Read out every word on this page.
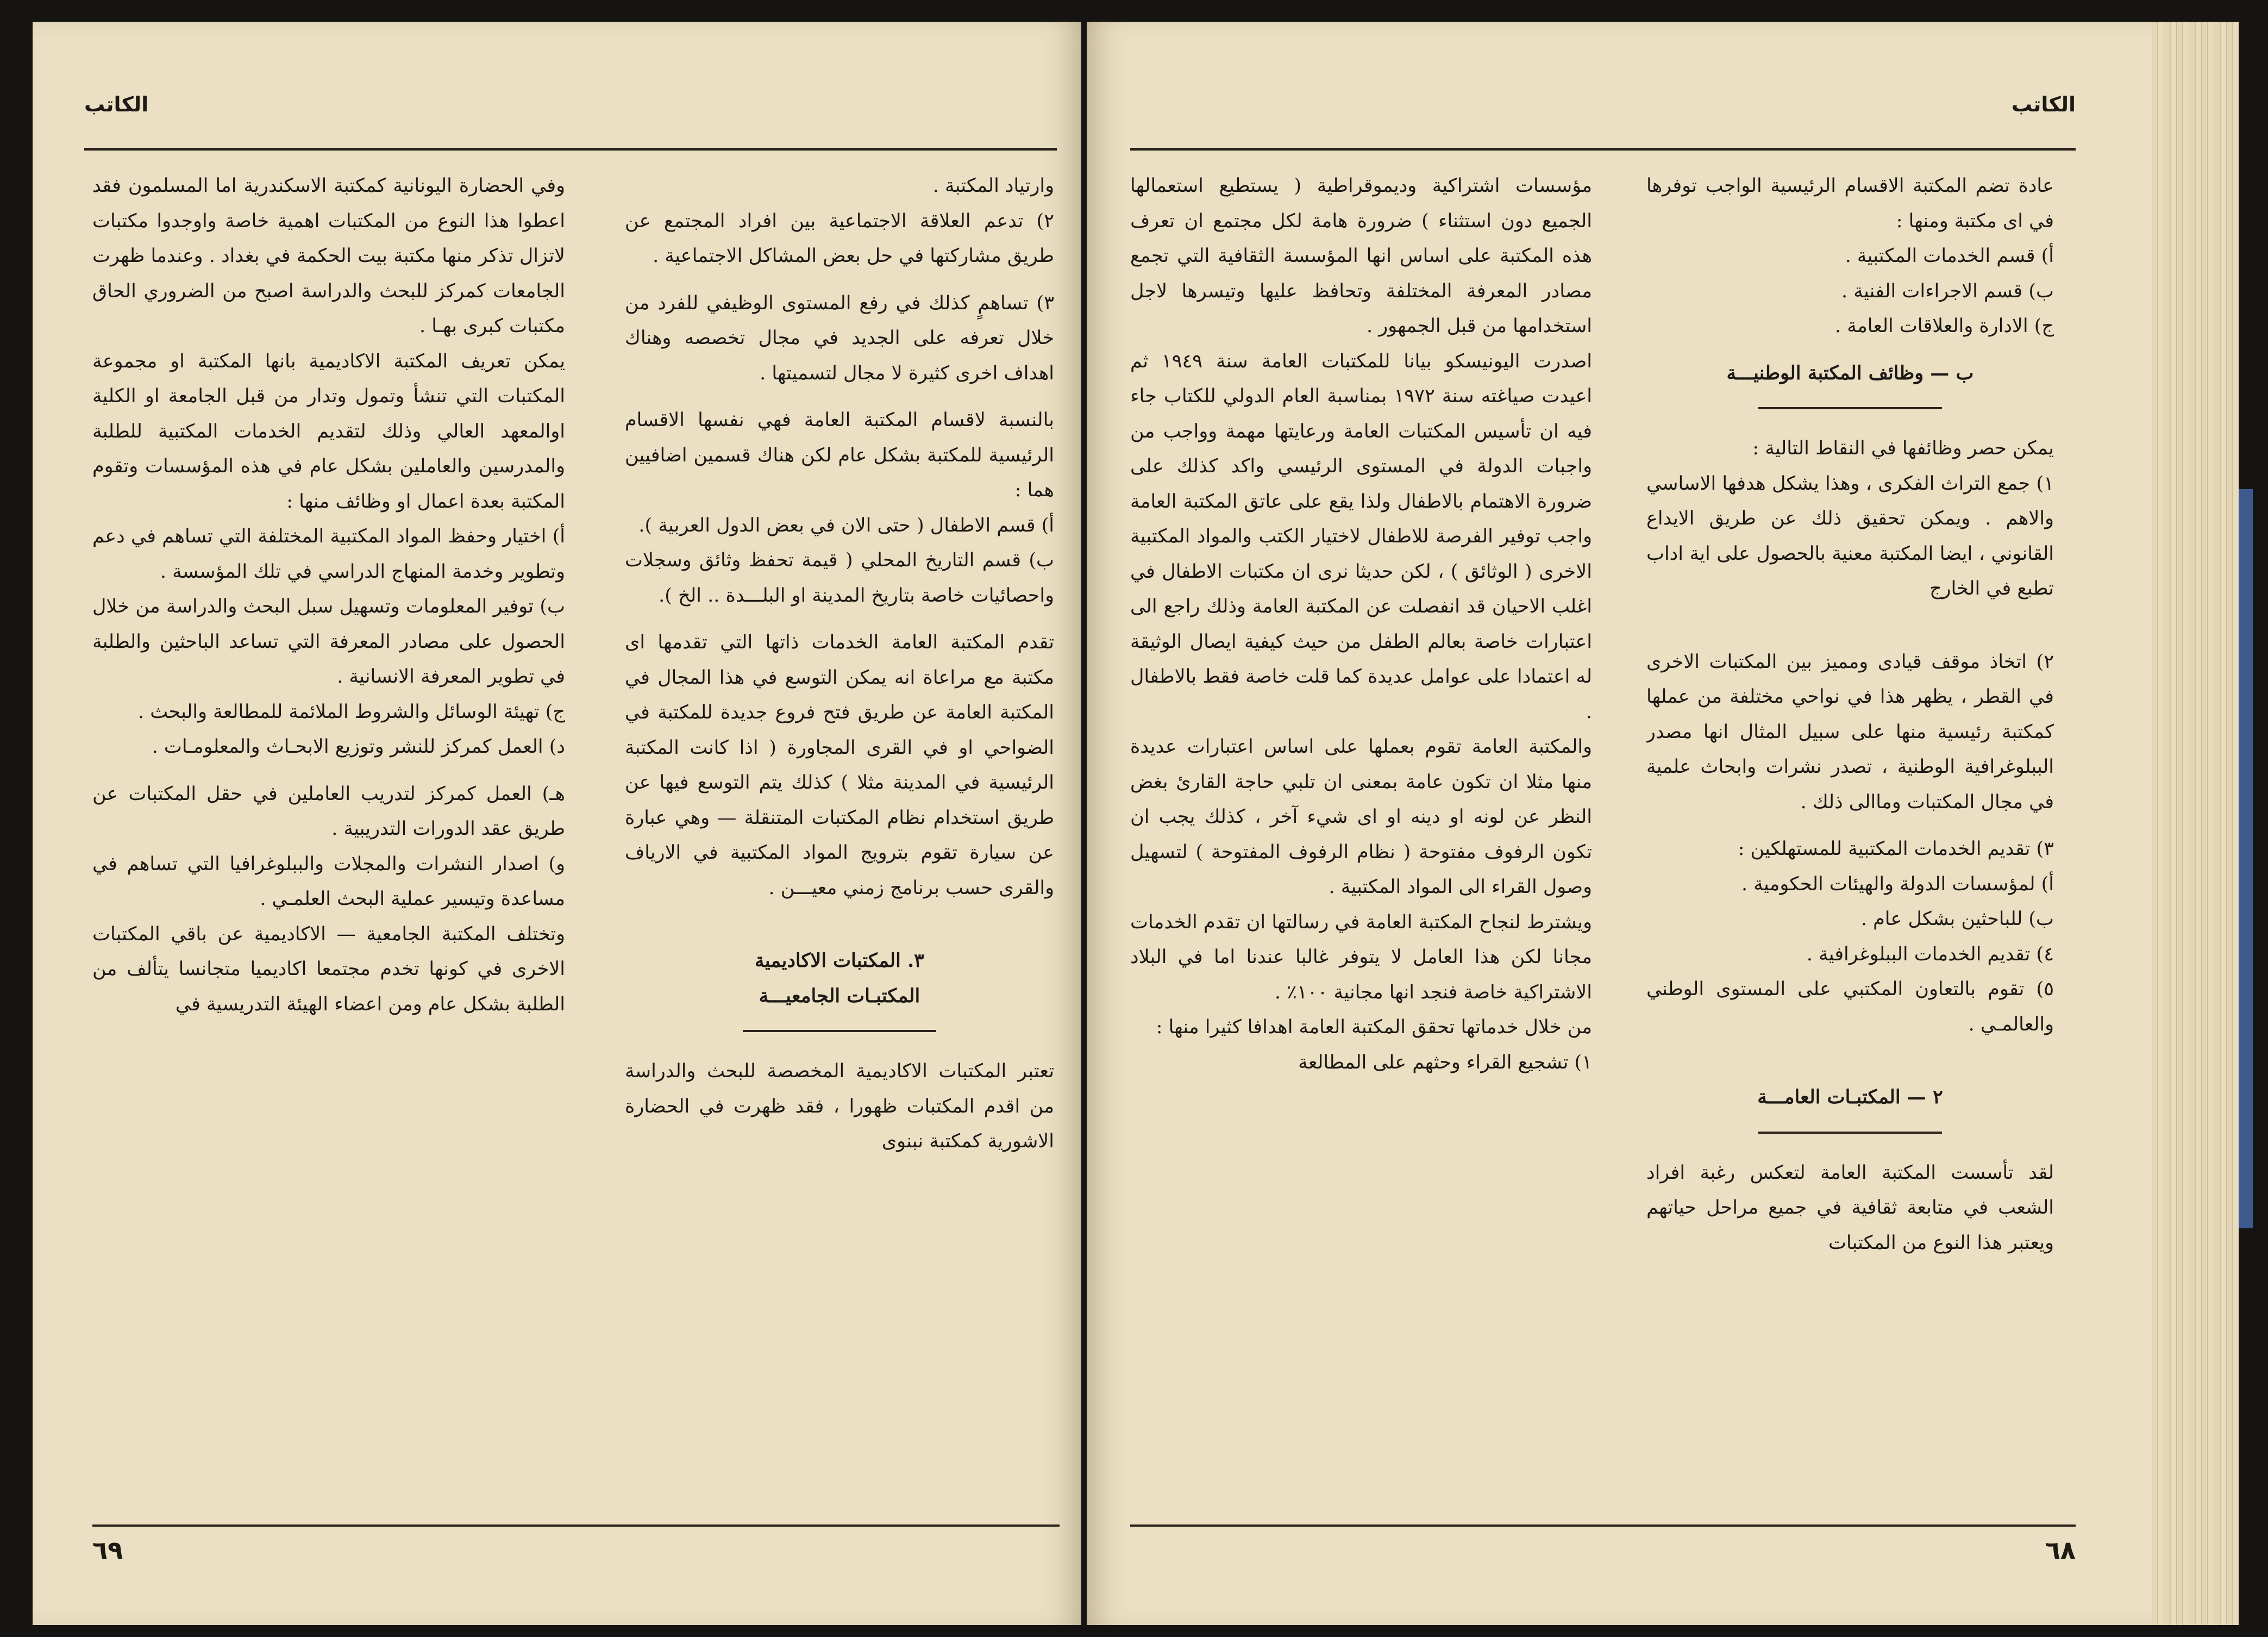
الكاتب

وارتياد المكتبة .

٢) تدعم العلاقة الاجتماعية بين افراد المجتمع عن طريق مشاركتها في حل بعض المشاكل الاجتماعية .

٣) تساهمٍ كذلك في رفع المستوى الوظيفي للفرد من خلال تعرفه على الجديد في مجال تخصصه وهناك اهداف اخرى كثيرة لا مجال لتسميتها .

بالنسبة لاقسام المكتبة العامة فهي نفسها الاقسام الرئيسية للمكتبة بشكل عام لكن هناك قسمين اضافيين هما :

أ) قسم الاطفال ( حتى الان في بعض الدول العربية ).

ب) قسم التاريخ المحلي ( قيمة تحفظ وثائق وسجلات واحصائيات خاصة بتاريخ المدينة او البلـــدة .. الخ ).

تقدم المكتبة العامة الخدمات ذاتها التي تقدمها اى مكتبة مع مراعاة انه يمكن التوسع في هذا المجال في المكتبة العامة عن طريق فتح فروع جديدة للمكتبة في الضواحي او في القرى المجاورة ( اذا كانت المكتبة الرئيسية في المدينة مثلا ) كذلك يتم التوسع فيها عن طريق استخدام نظام المكتبات المتنقلة — وهي عبارة عن سيارة تقوم بترويج المواد المكتبية في الارياف والقرى حسب برنامج زمني معيـــن .

٣. المكتبات الاكاديمية

المكتبـات الجامعيـــة

تعتبر المكتبات الاكاديمية المخصصة للبحث والدراسة من اقدم المكتبات ظهورا ، فقد ظهرت في الحضارة الاشورية كمكتبة نبنوى

وفي الحضارة اليونانية كمكتبة الاسكندرية اما المسلمون فقد اعطوا هذا النوع من المكتبات اهمية خاصة واوجدوا مكتبات لاتزال تذكر منها مكتبة بيت الحكمة في بغداد . وعندما ظهرت الجامعات كمركز للبحث والدراسة اصبح من الضروري الحاق مكتبات كبرى بهـا .

يمكن تعريف المكتبة الاكاديمية بانها المكتبة او مجموعة المكتبات التي تنشأ وتمول وتدار من قبل الجامعة او الكلية اوالمعهد العالي وذلك لتقديم الخدمات المكتبية للطلبة والمدرسين والعاملين بشكل عام في هذه المؤسسات وتقوم المكتبة بعدة اعمال او وظائف منها :

أ) اختيار وحفظ المواد المكتبية المختلفة التي تساهم في دعم وتطوير وخدمة المنهاج الدراسي في تلك المؤسسة .

ب) توفير المعلومات وتسهيل سبل البحث والدراسة من خلال الحصول على مصادر المعرفة التي تساعد الباحثين والطلبة في تطوير المعرفة الانسانية .

ج) تهيئة الوسائل والشروط الملائمة للمطالعة والبحث .

د) العمل كمركز للنشر وتوزيع الابحـاث والمعلومـات .

هـ) العمل كمركز لتدريب العاملين في حقل المكتبات عن طريق عقد الدورات التدريبية .

و) اصدار النشرات والمجلات والببلوغرافيا التي تساهم في مساعدة وتيسير عملية البحث العلمـي .

وتختلف المكتبة الجامعية — الاكاديمية عن باقي المكتبات الاخرى في كونها تخدم مجتمعا اكاديميا متجانسا يتألف من الطلبة بشكل عام ومن اعضاء الهيئة التدريسية في

٦٩
الكاتب

عادة تضم المكتبة الاقسام الرئيسية الواجب توفرها في اى مكتبة ومنها :

أ) قسم الخدمات المكتبية .

ب) قسم الاجراءات الفنية .

ج) الادارة والعلاقات العامة .

ب — وظائف المكتبة الوطنيـــة

يمكن حصر وظائفها في النقاط التالية :

١) جمع التراث الفكرى ، وهذا يشكل هدفها الاساسي والاهم . ويمكن تحقيق ذلك عن طريق الايداع القانوني ، ايضا المكتبة معنية بالحصول على اية اداب تطبع في الخارج

٢) اتخاذ موقف قيادى ومميز بين المكتبات الاخرى في القطر ، يظهر هذا في نواحي مختلفة من عملها كمكتبة رئيسية منها على سبيل المثال انها مصدر الببلوغرافية الوطنية ، تصدر نشرات وابحاث علمية في مجال المكتبات وماالى ذلك .

٣) تقديم الخدمات المكتبية للمستهلكين :

أ) لمؤسسات الدولة والهيئات الحكومية .

ب) للباحثين بشكل عام .

٤) تقديم الخدمات الببلوغرافية .

٥) تقوم بالتعاون المكتبي على المستوى الوطني والعالمـي .

٢ — المكتبـات العامـــة

لقد تأسست المكتبة العامة لتعكس رغبة افراد الشعب في متابعة ثقافية في جميع مراحل حياتهم ويعتبر هذا النوع من المكتبات

مؤسسات اشتراكية وديموقراطية ( يستطيع استعمالها الجميع دون استثناء ) ضرورة هامة لكل مجتمع ان تعرف هذه المكتبة على اساس انها المؤسسة الثقافية التي تجمع مصادر المعرفة المختلفة وتحافظ عليها وتيسرها لاجل استخدامها من قبل الجمهور .

اصدرت اليونيسكو بيانا للمكتبات العامة سنة ١٩٤٩ ثم اعيدت صياغته سنة ١٩٧٢ بمناسبة العام الدولي للكتاب جاء فيه ان تأسيس المكتبات العامة ورعايتها مهمة وواجب من واجبات الدولة في المستوى الرئيسي واكد كذلك على ضرورة الاهتمام بالاطفال ولذا يقع على عاتق المكتبة العامة واجب توفير الفرصة للاطفال لاختيار الكتب والمواد المكتبية الاخرى ( الوثائق ) ، لكن حديثا نرى ان مكتبات الاطفال في اغلب الاحيان قد انفصلت عن المكتبة العامة وذلك راجع الى اعتبارات خاصة بعالم الطفل من حيث كيفية ايصال الوثيقة له اعتمادا على عوامل عديدة كما قلت خاصة فقط بالاطفال .

والمكتبة العامة تقوم بعملها على اساس اعتبارات عديدة منها مثلا ان تكون عامة بمعنى ان تلبي حاجة القارئ بغض النظر عن لونه او دينه او اى شيء آخر ، كذلك يجب ان تكون الرفوف مفتوحة ( نظام الرفوف المفتوحة ) لتسهيل وصول القراء الى المواد المكتبية .

ويشترط لنجاح المكتبة العامة في رسالتها ان تقدم الخدمات مجانا لكن هذا العامل لا يتوفر غالبا عندنا اما في البلاد الاشتراكية خاصة فنجد انها مجانية ١٠٠٪ .

من خلال خدماتها تحقق المكتبة العامة اهدافا كثيرا منها :

١) تشجيع القراء وحثهم على المطالعة

٦٨
